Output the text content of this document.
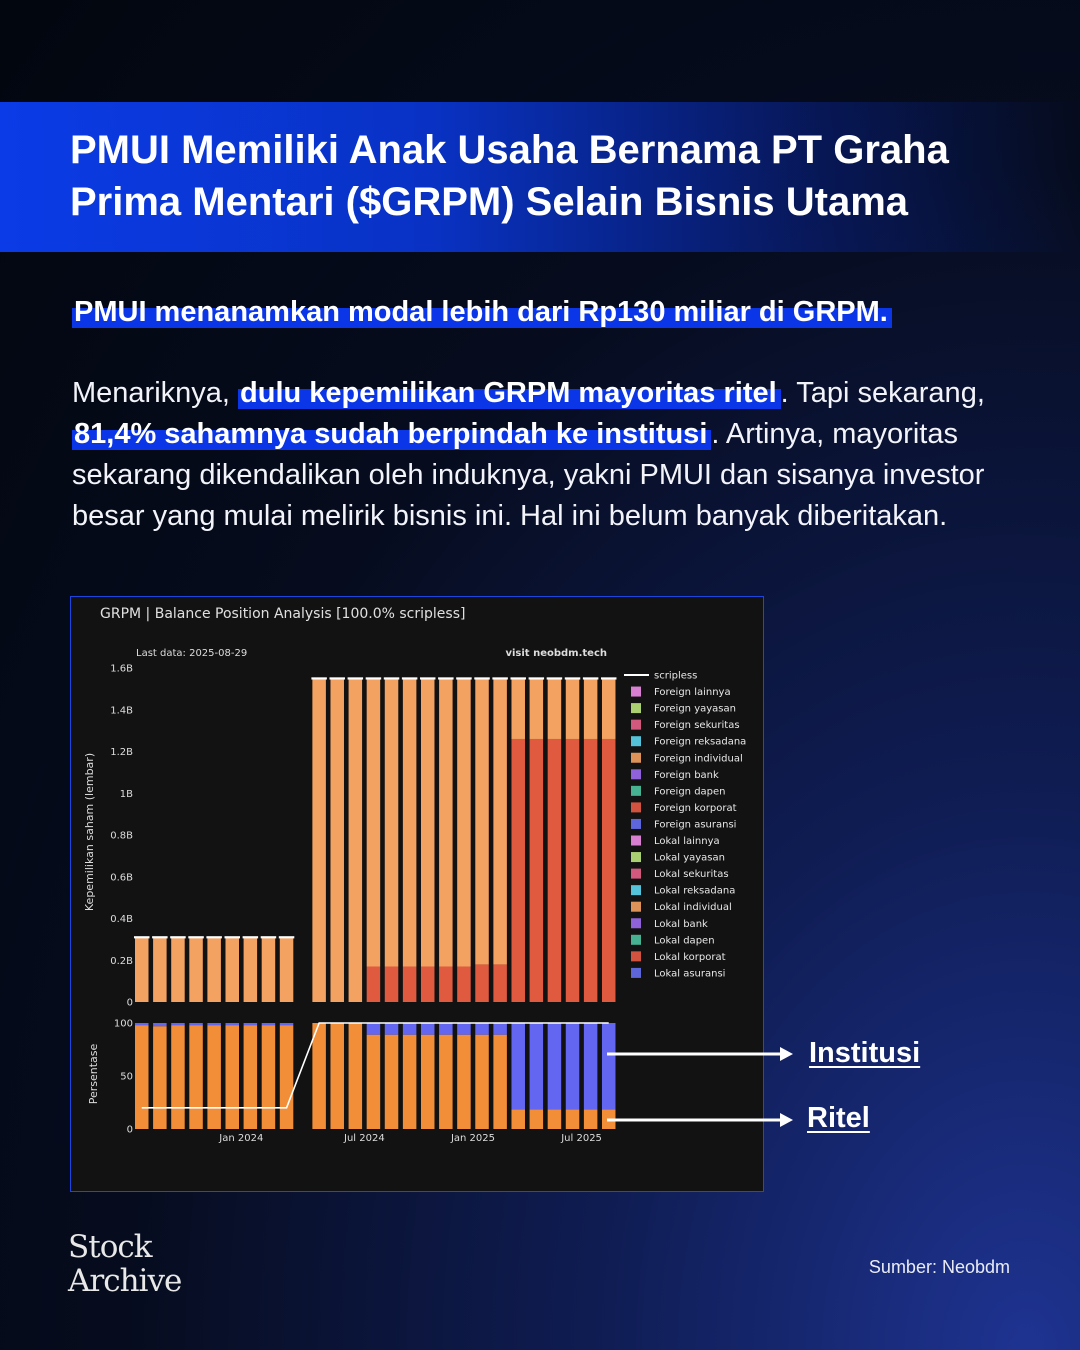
PMUI Memiliki Anak Usaha Bernama PT Graha Prima Mentari ($GRPM) Selain Bisnis Utama

PMUI menanamkan modal lebih dari Rp130 miliar di GRPM.

Menariknya, dulu kepemilikan GRPM mayoritas ritel . Tapi sekarang, 81,4% sahamnya sudah berpindah ke institusi . Artinya, mayoritas sekarang dikendalikan oleh induknya, yakni PMUI dan sisanya investor besar yang mulai melirik bisnis ini. Hal ini belum banyak diberitakan.

GRPM | Balance Position Analysis [100.0% scripless]
Last data: 2025-08-29	visit neobdm.tech
Kepemilikan saham (lembar)
Persentase
0
0.2B
0.4B
0.6B
0.8B
1B
1.2B
1.4B
1.6B
0
50
100
Jan 2024	Jul 2024	Jan 2025	Jul 2025
scripless
Foreign lainnya
Foreign yayasan
Foreign sekuritas
Foreign reksadana
Foreign individual
Foreign bank
Foreign dapen
Foreign korporat
Foreign asuransi
Lokal lainnya
Lokal yayasan
Lokal sekuritas
Lokal reksadana
Lokal individual
Lokal bank
Lokal dapen
Lokal korporat
Lokal asuransi
Institusi
Ritel
Stock
Archive	Sumber: Neobdm
